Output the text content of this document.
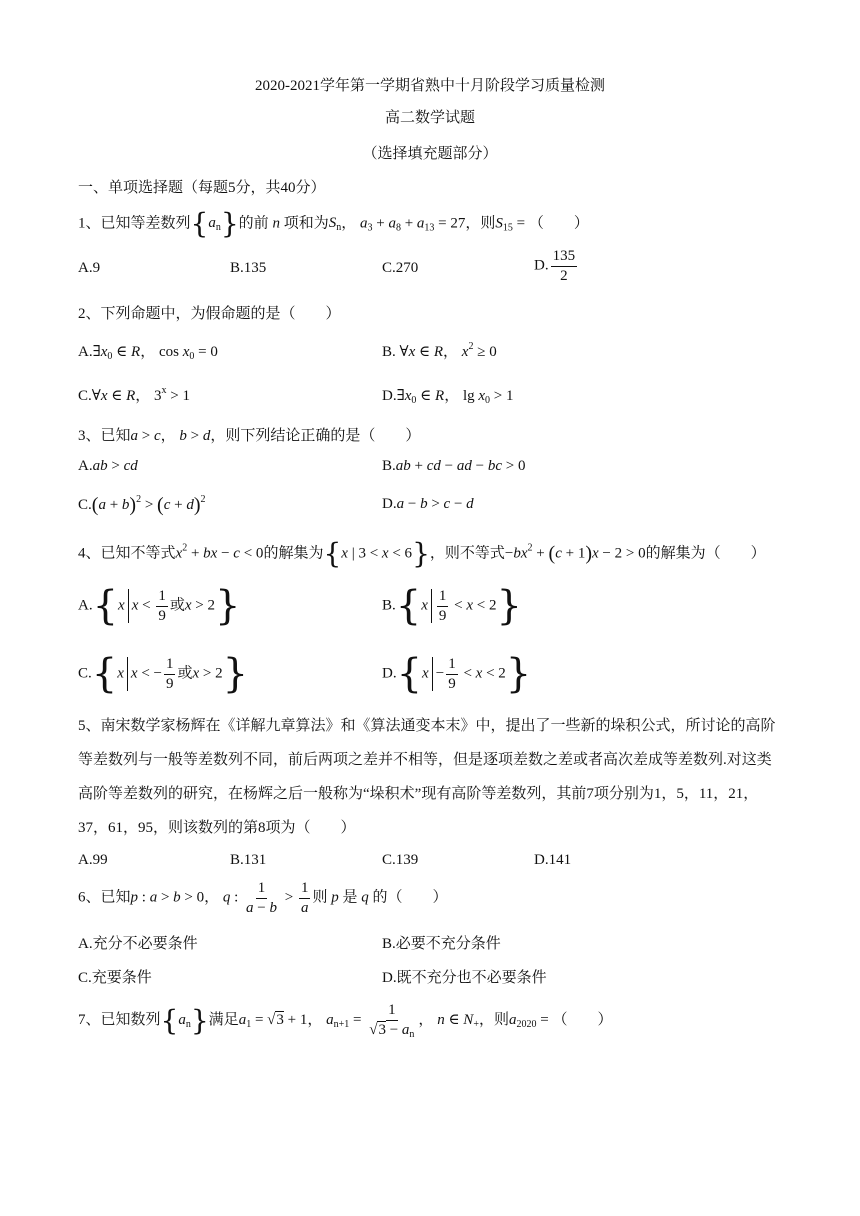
2020-2021学年第一学期省熟中十月阶段学习质量检测
高二数学试题
（选择填充题部分）
一、单项选择题（每题5分，共40分）
1、已知等差数列$\{a_n\}$的前 n 项和为$S_n$， $a_3 + a_8 + a_{13} = 27$，则$S_{15}$ = （　　）
A.9	B.135	C.270	D. $\frac{135}{2}$
2、下列命题中，为假命题的是（　　）
$A.\exists x_0$ ∈ R， $\cos x_0 = 0$	B. ∀x ∈ R， $x^2 \ge 0$
C.∀x ∈ R， $3^x > 1$	$D.\exists x_0$ ∈ R， $\lg x_0 > 1$
3、已知a > c， b > d，则下列结论正确的是（　　）
A.ab > cd	B.ab + cd − ad − bc > 0
$C.(a + b)^2 > (c + d)^2$	D.a − b > c − d
4、已知不等式$x^2$ + bx − c < 0的解集为{x | 3 < x < 6}，则不等式$-bx^2 + (c + 1)x - 2 > 0$的解集为（　　）
A.{x $x < \frac{1}{9}$ 或x > 2}	$B.\{x \frac{1}{9} < x < 2\}$
C.{x x < − $\frac{1}{9}$ 或x > 2}	$D.\{x - \frac{1}{9} < x < 2\}$
5、南宋数学家杨辉在《详解九章算法》和《算法通变本末》中，提出了一些新的垛积公式，所讨论的高阶
等差数列与一般等差数列不同，前后两项之差并不相等，但是逐项差数之差或者高次差成等差数列.对这类
高阶等差数列的研究，在杨辉之后一般称为“垛积术”现有高阶等差数列，其前7项分别为1，5，11，21，
37，61，95，则该数列的第8项为（　　）
A.99	B.131	C.139	D.141
6、已知p : a > b > 0， q : $\frac{1}{a - b} > \frac{1}{a}$ 则 p 是 q 的（　　）
A.充分不必要条件	B.必要不充分条件
C.充要条件	D.既不充分也不必要条件
7、已知数列$\{a_n\}$满足$a_1 = √3 + 1$， $a_{n+1} = \frac{1}{√3 - a_n}$ ， n ∈ $N_+$，则$a_{2020}$ = （　　）
